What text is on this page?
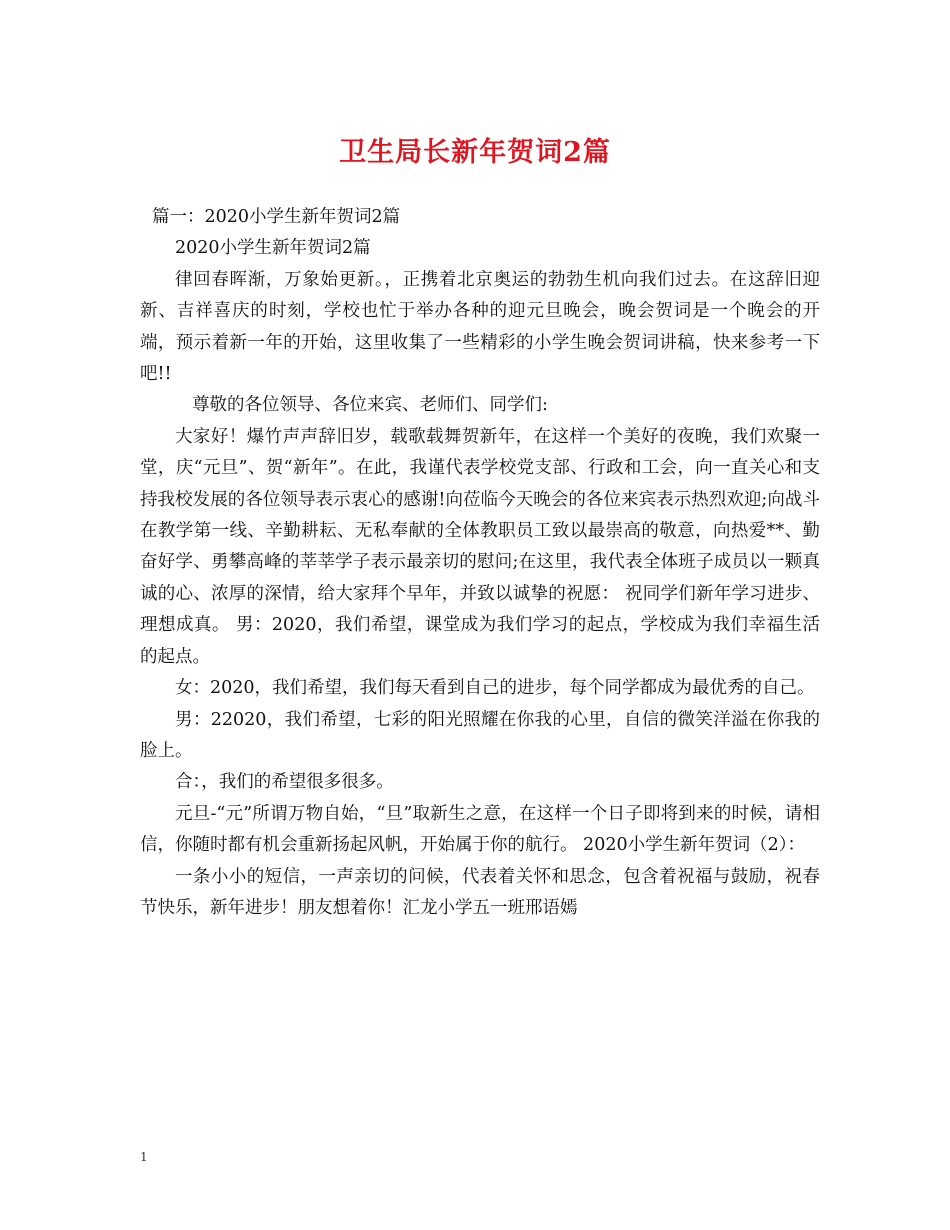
卫生局长新年贺词2篇

篇一：2020小学生新年贺词2篇

2020小学生新年贺词2篇

律回春晖渐，万象始更新。，正携着北京奥运的勃勃生机向我们过去。在这辞旧迎新、吉祥喜庆的时刻，学校也忙于举办各种的迎元旦晚会，晚会贺词是一个晚会的开端，预示着新一年的开始，这里收集了一些精彩的小学生晚会贺词讲稿，快来参考一下吧!!

尊敬的各位领导、各位来宾、老师们、同学们:

大家好！爆竹声声辞旧岁，载歌载舞贺新年，在这样一个美好的夜晚，我们欢聚一堂，庆“元旦”、贺“新年”。在此，我谨代表学校党支部、行政和工会，向一直关心和支持我校发展的各位领导表示衷心的感谢!向莅临今天晚会的各位来宾表示热烈欢迎;向战斗在教学第一线、辛勤耕耘、无私奉献的全体教职员工致以最崇高的敬意，向热爱**、勤奋好学、勇攀高峰的莘莘学子表示最亲切的慰问;在这里，我代表全体班子成员以一颗真诚的心、浓厚的深情，给大家拜个早年，并致以诚挚的祝愿： 祝同学们新年学习进步、理想成真。 男：2020，我们希望，课堂成为我们学习的起点，学校成为我们幸福生活的起点。

女：2020，我们希望，我们每天看到自己的进步，每个同学都成为最优秀的自己。

男：22020，我们希望，七彩的阳光照耀在你我的心里，自信的微笑洋溢在你我的脸上。

合：，我们的希望很多很多。

元旦-“元”所谓万物自始，“旦”取新生之意，在这样一个日子即将到来的时候，请相信，你随时都有机会重新扬起风帆，开始属于你的航行。 2020小学生新年贺词（2）：

一条小小的短信，一声亲切的问候，代表着关怀和思念，包含着祝福与鼓励，祝春节快乐，新年进步！朋友想着你！汇龙小学五一班邢语嫣

1
